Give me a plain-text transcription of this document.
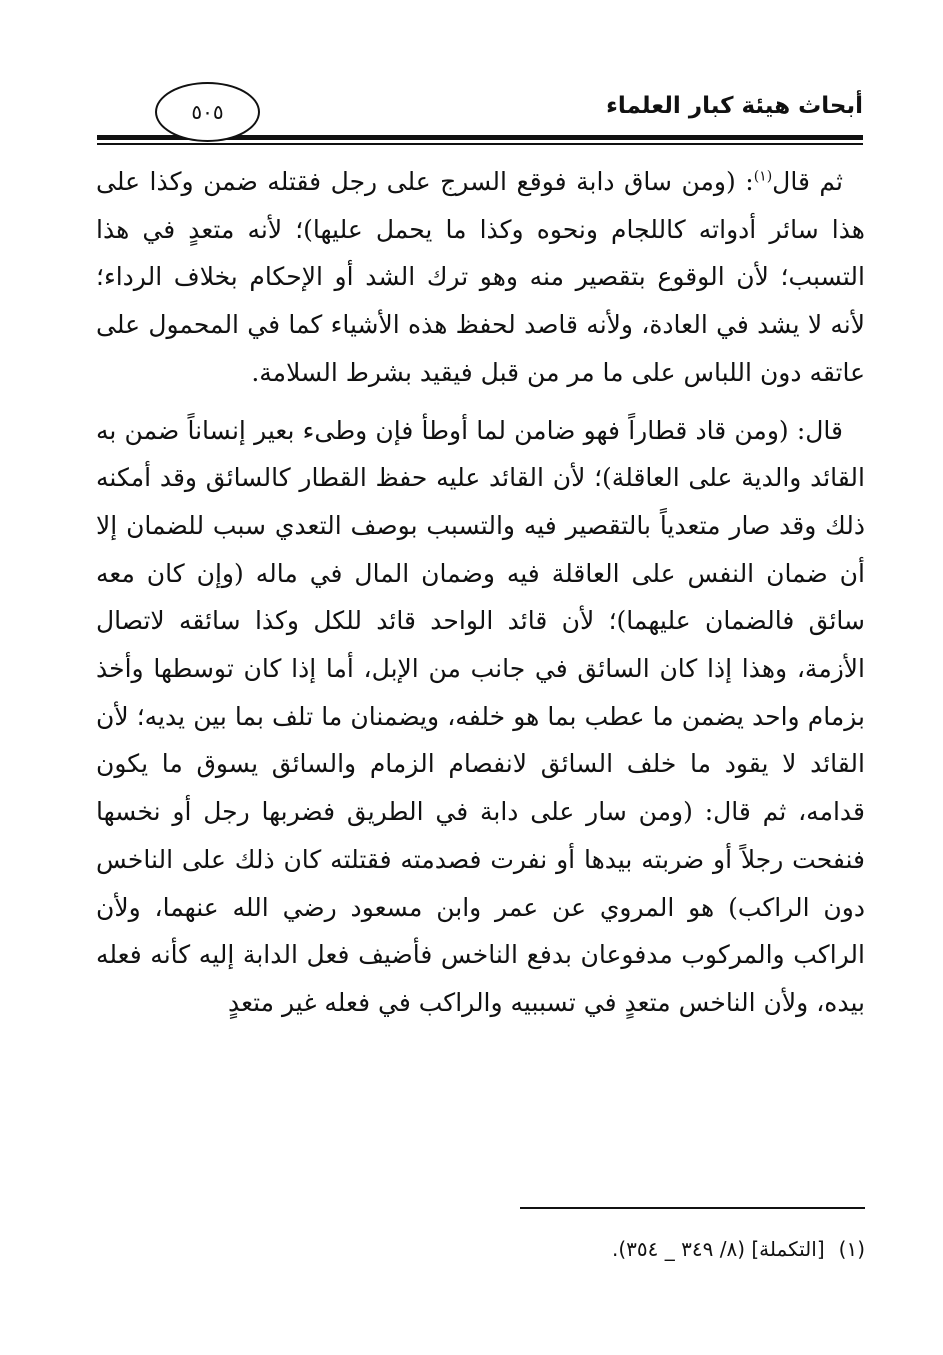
أبحاث هيئة كبار العلماء
٥٠٥

ثم قال$^{(١)}$: (ومن ساق دابة فوقع السرج على رجل فقتله ضمن وكذا على هذا سائر أدواته كاللجام ونحوه وكذا ما يحمل عليها)؛ لأنه متعدٍ في هذا التسبب؛ لأن الوقوع بتقصير منه وهو ترك الشد أو الإحكام بخلاف الرداء؛ لأنه لا يشد في العادة، ولأنه قاصد لحفظ هذه الأشياء كما في المحمول على عاتقه دون اللباس على ما مر من قبل فيقيد بشرط السلامة.

قال: (ومن قاد قطاراً فهو ضامن لما أوطأ فإن وطىء بعير إنساناً ضمن به القائد والدية على العاقلة)؛ لأن القائد عليه حفظ القطار كالسائق وقد أمكنه ذلك وقد صار متعدياً بالتقصير فيه والتسبب بوصف التعدي سبب للضمان إلا أن ضمان النفس على العاقلة فيه وضمان المال في ماله (وإن كان معه سائق فالضمان عليهما)؛ لأن قائد الواحد قائد للكل وكذا سائقه لاتصال الأزمة، وهذا إذا كان السائق في جانب من الإبل، أما إذا كان توسطها وأخذ بزمام واحد يضمن ما عطب بما هو خلفه، ويضمنان ما تلف بما بين يديه؛ لأن القائد لا يقود ما خلف السائق لانفصام الزمام والسائق يسوق ما يكون قدامه، ثم قال: (ومن سار على دابة في الطريق فضربها رجل أو نخسها فنفحت رجلاً أو ضربته بيدها أو نفرت فصدمته فقتلته كان ذلك على الناخس دون الراكب) هو المروي عن عمر وابن مسعود رضي الله عنهما، ولأن الراكب والمركوب مدفوعان بدفع الناخس فأضيف فعل الدابة إليه كأنه فعله بيده، ولأن الناخس متعدٍ في تسببيه والراكب في فعله غير متعدٍ

(١)[التكملة] (٨/ ٣٤٩ _ ٣٥٤).
